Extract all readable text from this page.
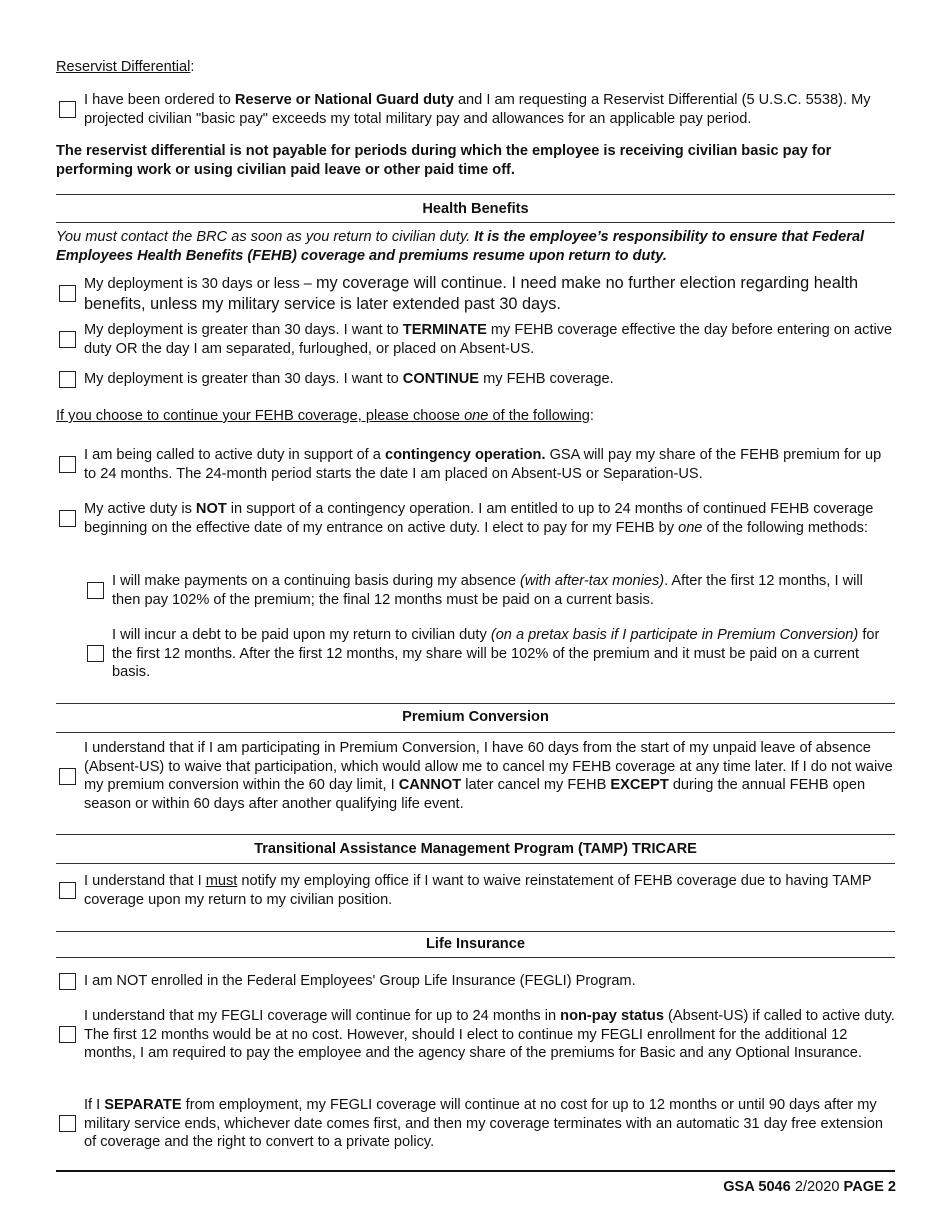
Reservist Differential:
I have been ordered to Reserve or National Guard duty and I am requesting a Reservist Differential (5 U.S.C. 5538). My projected civilian "basic pay" exceeds my total military pay and allowances for an applicable pay period.
The reservist differential is not payable for periods during which the employee is receiving civilian basic pay for performing work or using civilian paid leave or other paid time off.
Health Benefits
You must contact the BRC as soon as you return to civilian duty. It is the employee’s responsibility to ensure that Federal Employees Health Benefits (FEHB) coverage and premiums resume upon return to duty.
My deployment is 30 days or less – my coverage will continue. I need make no further election regarding health benefits, unless my military service is later extended past 30 days.
My deployment is greater than 30 days. I want to TERMINATE my FEHB coverage effective the day before entering on active duty OR the day I am separated, furloughed, or placed on Absent-US.
My deployment is greater than 30 days. I want to CONTINUE my FEHB coverage.
If you choose to continue your FEHB coverage, please choose one of the following:
I am being called to active duty in support of a contingency operation. GSA will pay my share of the FEHB premium for up to 24 months. The 24-month period starts the date I am placed on Absent-US or Separation-US.
My active duty is NOT in support of a contingency operation. I am entitled to up to 24 months of continued FEHB coverage beginning on the effective date of my entrance on active duty. I elect to pay for my FEHB by one of the following methods:
I will make payments on a continuing basis during my absence (with after-tax monies). After the first 12 months, I will then pay 102% of the premium; the final 12 months must be paid on a current basis.
I will incur a debt to be paid upon my return to civilian duty (on a pretax basis if I participate in Premium Conversion) for the first 12 months. After the first 12 months, my share will be 102% of the premium and it must be paid on a current basis.
Premium Conversion
I understand that if I am participating in Premium Conversion, I have 60 days from the start of my unpaid leave of absence (Absent-US) to waive that participation, which would allow me to cancel my FEHB coverage at any time later. If I do not waive my premium conversion within the 60 day limit, I CANNOT later cancel my FEHB EXCEPT during the annual FEHB open season or within 60 days after another qualifying life event.
Transitional Assistance Management Program (TAMP) TRICARE
I understand that I must notify my employing office if I want to waive reinstatement of FEHB coverage due to having TAMP coverage upon my return to my civilian position.
Life Insurance
I am NOT enrolled in the Federal Employees' Group Life Insurance (FEGLI) Program.
I understand that my FEGLI coverage will continue for up to 24 months in non-pay status (Absent-US) if called to active duty. The first 12 months would be at no cost. However, should I elect to continue my FEGLI enrollment for the additional 12 months, I am required to pay the employee and the agency share of the premiums for Basic and any Optional Insurance.
If I SEPARATE from employment, my FEGLI coverage will continue at no cost for up to 12 months or until 90 days after my military service ends, whichever date comes first, and then my coverage terminates with an automatic 31 day free extension of coverage and the right to convert to a private policy.
GSA 5046 2/2020 PAGE 2
